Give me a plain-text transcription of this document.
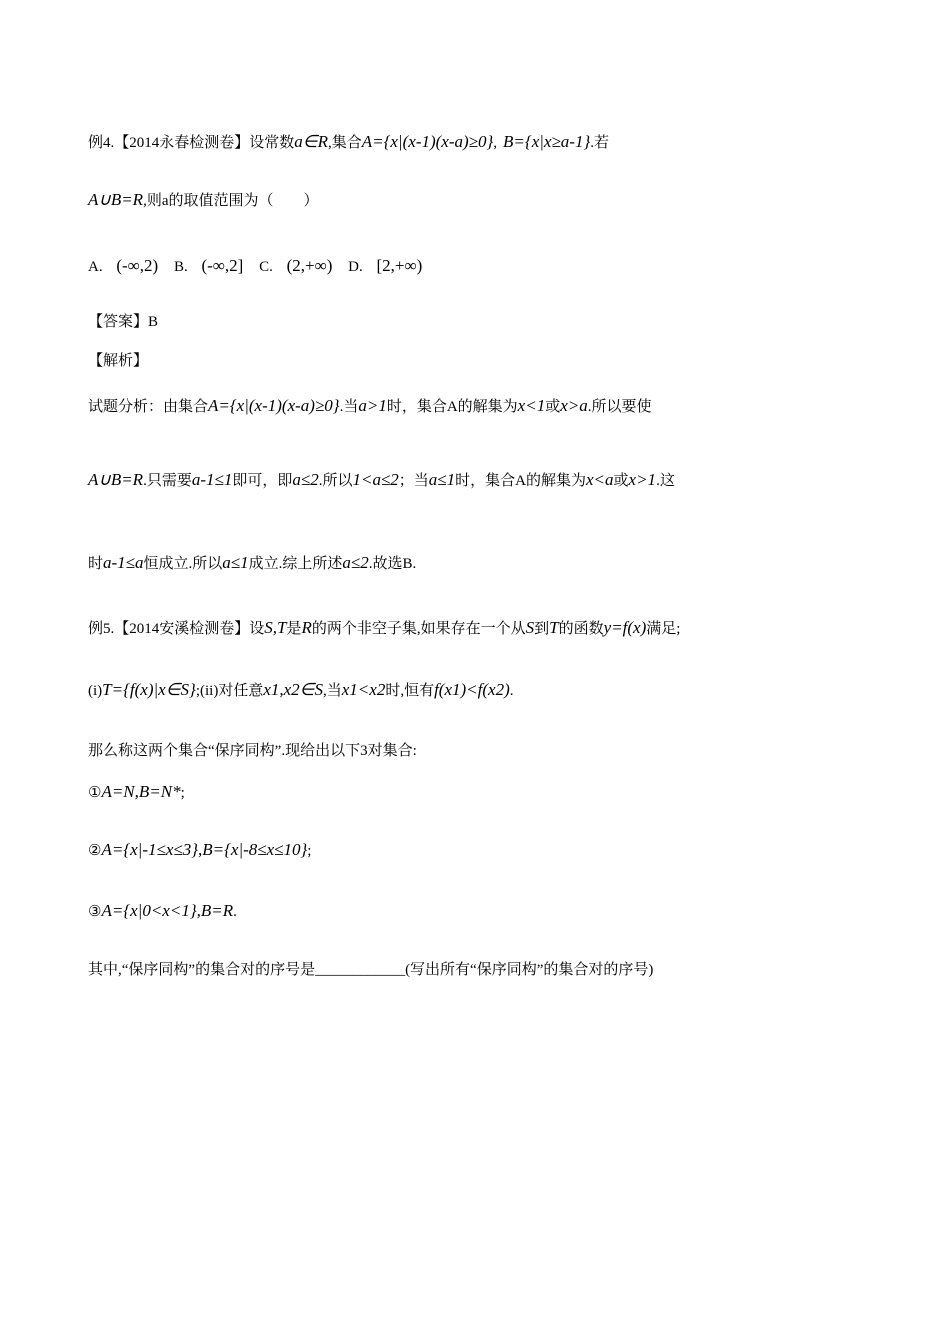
例4.【2014永春检测卷】设常数a∈R,集合A={x|(x-1)(x-a)≥0}, B={x|x≥a-1}.若
A∪B=R,则a的取值范围为（　　）
A. (-∞,2) B. (-∞,2] C. (2,+∞) D. [2,+∞)
【答案】B
【解析】
试题分析：由集合A={x|(x-1)(x-a)≥0}.当a>1时，集合A的解集为x<1或x>a.所以要使
A∪B=R.只需要a-1≤1即可，即a≤2.所以1<a≤2；当a≤1时，集合A的解集为x<a或x>1.这
时a-1≤a恒成立.所以a≤1成立.综上所述a≤2.故选B.
例5.【2014安溪检测卷】设S,T是R的两个非空子集,如果存在一个从S到T的函数y=f(x)满足;
(i)T={f(x)|x∈S};(ii)对任意x1,x2∈S,当x1<x2时,恒有f(x1)<f(x2).
那么称这两个集合“保序同构”.现给出以下3对集合:
①A=N,B=N*;
②A={x|-1≤x≤3},B={x|-8≤x≤10};
③A={x|0<x<1},B=R.
其中,“保序同构”的集合对的序号是____________(写出所有“保序同构”的集合对的序号)
